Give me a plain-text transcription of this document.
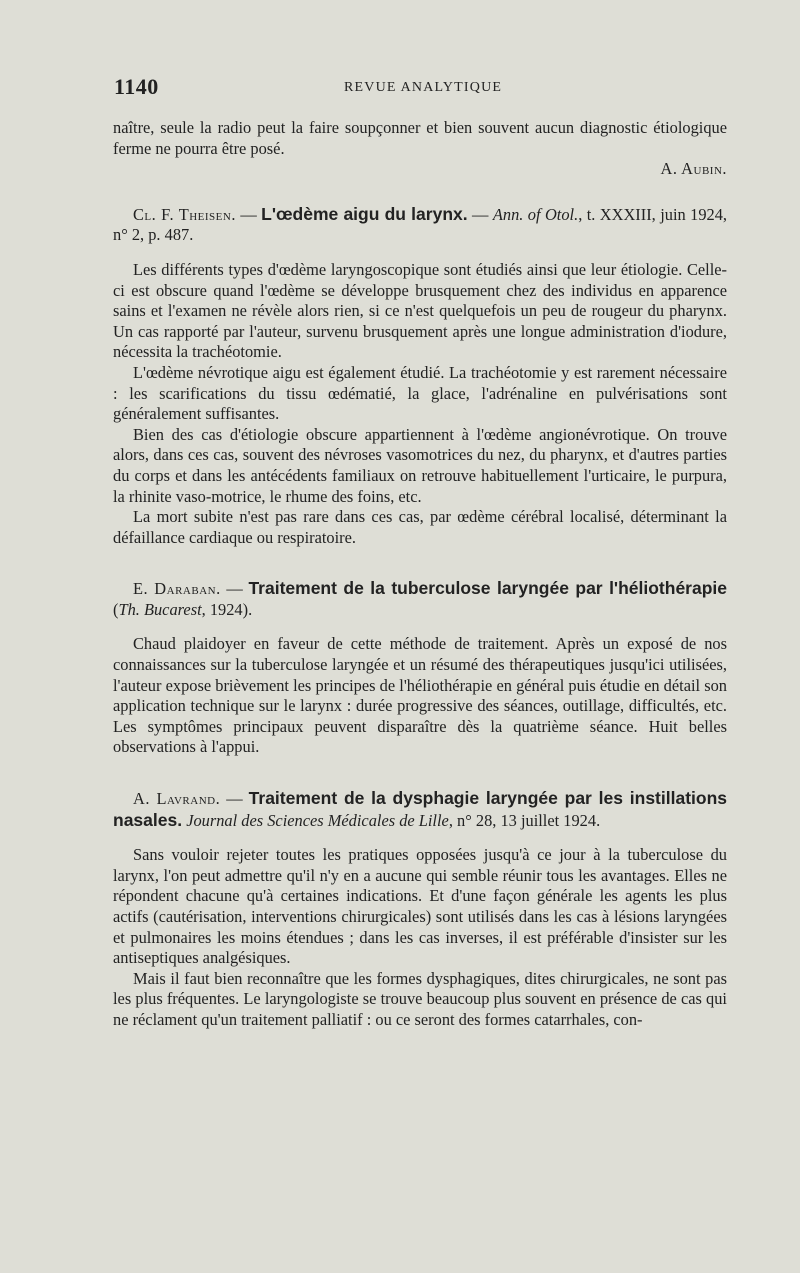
1140	REVUE ANALYTIQUE

naître, seule la radio peut la faire soupçonner et bien souvent aucun diagnostic étiologique ferme ne pourra être posé.

A. Aubin.

Cl. F. Theisen. — L'œdème aigu du larynx. — Ann. of Otol., t. XXXIII, juin 1924, n° 2, p. 487.

Les différents types d'œdème laryngoscopique sont étudiés ainsi que leur étiologie. Celle-ci est obscure quand l'œdème se développe brusquement chez des individus en apparence sains et l'examen ne révèle alors rien, si ce n'est quelquefois un peu de rougeur du pharynx. Un cas rapporté par l'auteur, survenu brusquement après une longue administration d'iodure, nécessita la trachéotomie.

L'œdème névrotique aigu est également étudié. La trachéotomie y est rarement nécessaire : les scarifications du tissu œdématié, la glace, l'adrénaline en pulvérisations sont généralement suffisantes.

Bien des cas d'étiologie obscure appartiennent à l'œdème angionévrotique. On trouve alors, dans ces cas, souvent des névroses vasomotrices du nez, du pharynx, et d'autres parties du corps et dans les antécédents familiaux on retrouve habituellement l'urticaire, le purpura, la rhinite vaso-motrice, le rhume des foins, etc.

La mort subite n'est pas rare dans ces cas, par œdème cérébral localisé, déterminant la défaillance cardiaque ou respiratoire.

E. Daraban. — Traitement de la tuberculose laryngée par l'héliothérapie (Th. Bucarest, 1924).

Chaud plaidoyer en faveur de cette méthode de traitement. Après un exposé de nos connaissances sur la tuberculose laryngée et un résumé des thérapeutiques jusqu'ici utilisées, l'auteur expose brièvement les principes de l'héliothérapie en général puis étudie en détail son application technique sur le larynx : durée progressive des séances, outillage, difficultés, etc. Les symptômes principaux peuvent disparaître dès la quatrième séance. Huit belles observations à l'appui.

A. Lavrand. — Traitement de la dysphagie laryngée par les instillations nasales. Journal des Sciences Médicales de Lille, n° 28, 13 juillet 1924.

Sans vouloir rejeter toutes les pratiques opposées jusqu'à ce jour à la tuberculose du larynx, l'on peut admettre qu'il n'y en a aucune qui semble réunir tous les avantages. Elles ne répondent chacune qu'à certaines indications. Et d'une façon générale les agents les plus actifs (cautérisation, interventions chirurgicales) sont utilisés dans les cas à lésions laryngées et pulmonaires les moins étendues ; dans les cas inverses, il est préférable d'insister sur les antiseptiques analgésiques.

Mais il faut bien reconnaître que les formes dysphagiques, dites chirurgicales, ne sont pas les plus fréquentes. Le laryngologiste se trouve beaucoup plus souvent en présence de cas qui ne réclament qu'un traitement palliatif : ou ce seront des formes catarrhales, con-
